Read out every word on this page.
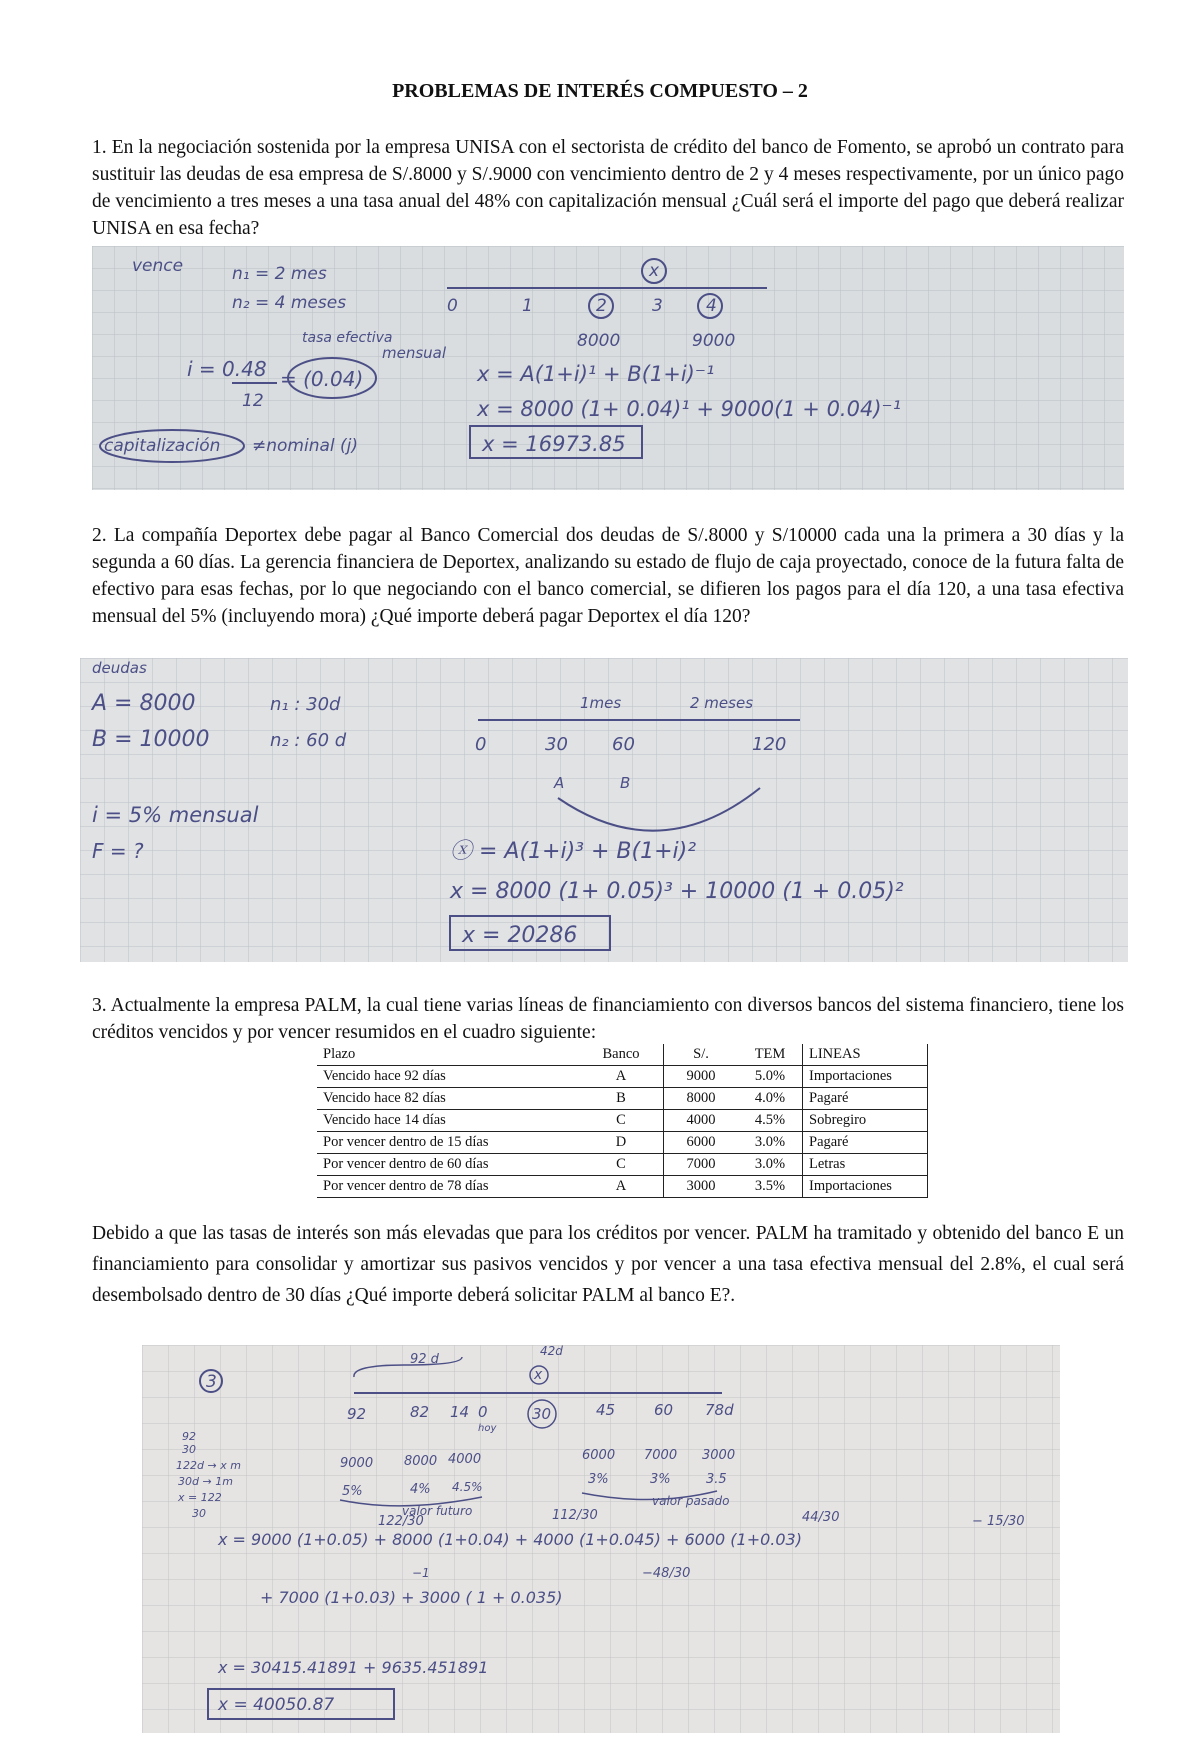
PROBLEMAS DE INTERÉS COMPUESTO – 2
1. En la negociación sostenida por la empresa UNISA con el sectorista de crédito del banco de Fomento, se aprobó un contrato para sustituir las deudas de esa empresa de S/.8000 y S/.9000 con vencimiento dentro de 2 y 4 meses respectivamente, por un único pago de vencimiento a tres meses a una tasa anual del 48% con capitalización mensual ¿Cuál será el importe del pago que deberá realizar UNISA en esa fecha?
vence	n₁ = 2 mes
n₂ = 4 meses
tasa efectiva
mensual
i = 0.48
12
= (0.04)
capitalización ≠nominal (j)
0	1	2	3	4
x
8000	9000
x = A(1+i)¹ + B(1+i)⁻¹
x = 8000 (1+ 0.04)¹ + 9000(1 + 0.04)⁻¹
x = 16973.85
2. La compañía Deportex debe pagar al Banco Comercial dos deudas de S/.8000 y S/10000 cada una la primera a 30 días y la segunda a 60 días. La gerencia financiera de Deportex, analizando su estado de flujo de caja proyectado, conoce de la futura falta de efectivo para esas fechas, por lo que negociando con el banco comercial, se difieren los pagos para el día 120, a una tasa efectiva mensual del 5% (incluyendo mora) ¿Qué importe deberá pagar Deportex el día 120?
deudas
A = 8000
B = 10000
n₁ : 30d
n₂ : 60 d	0	30 60	120
1mes	2 meses
A	B
i = 5% mensual
F = ?	ⓧ = A(1+i)³ + B(1+i)²
x = 8000 (1+ 0.05)³ + 10000 (1 + 0.05)²
x = 20286
3. Actualmente la empresa PALM, la cual tiene varias líneas de financiamiento con diversos bancos del sistema financiero, tiene los créditos vencidos y por vencer resumidos en el cuadro siguiente:
Plazo	Banco	S/.	TEM	LINEAS
Vencido hace 92 días	A	9000	5.0%	Importaciones
Vencido hace 82 días	B	8000	4.0%	Pagaré
Vencido hace 14 días	C	4000	4.5%	Sobregiro
Por vencer dentro de 15 días	D	6000	3.0%	Pagaré
Por vencer dentro de 60 días	C	7000	3.0%	Letras
Por vencer dentro de 78 días	A	3000	3.5%	Importaciones
Debido a que las tasas de interés son más elevadas que para los créditos por vencer. PALM ha tramitado y obtenido del banco E un financiamiento para consolidar y amortizar sus pasivos vencidos y por vencer a una tasa efectiva mensual del 2.8%, el cual será desembolsado dentro de 30 días ¿Qué importe deberá solicitar PALM al banco E?.
3
92 d
42d
x
92	82 14 0	30	45	60 78d
hoy
9000 8000 4000	6000 7000 3000
5%	4% 4.5%	3%	3%	3.5
92
30
122d → x m
30d → 1m
x = 122
30	valor futuro
valor pasado
122/30	112/30	44/30	− 15/30
x = 9000 (1+0.05) + 8000 (1+0.04) + 4000 (1+0.045) + 6000 (1+0.03)
−1	−48/30
+ 7000 (1+0.03) + 3000 ( 1 + 0.035)
x = 30415.41891 + 9635.451891
x = 40050.87
